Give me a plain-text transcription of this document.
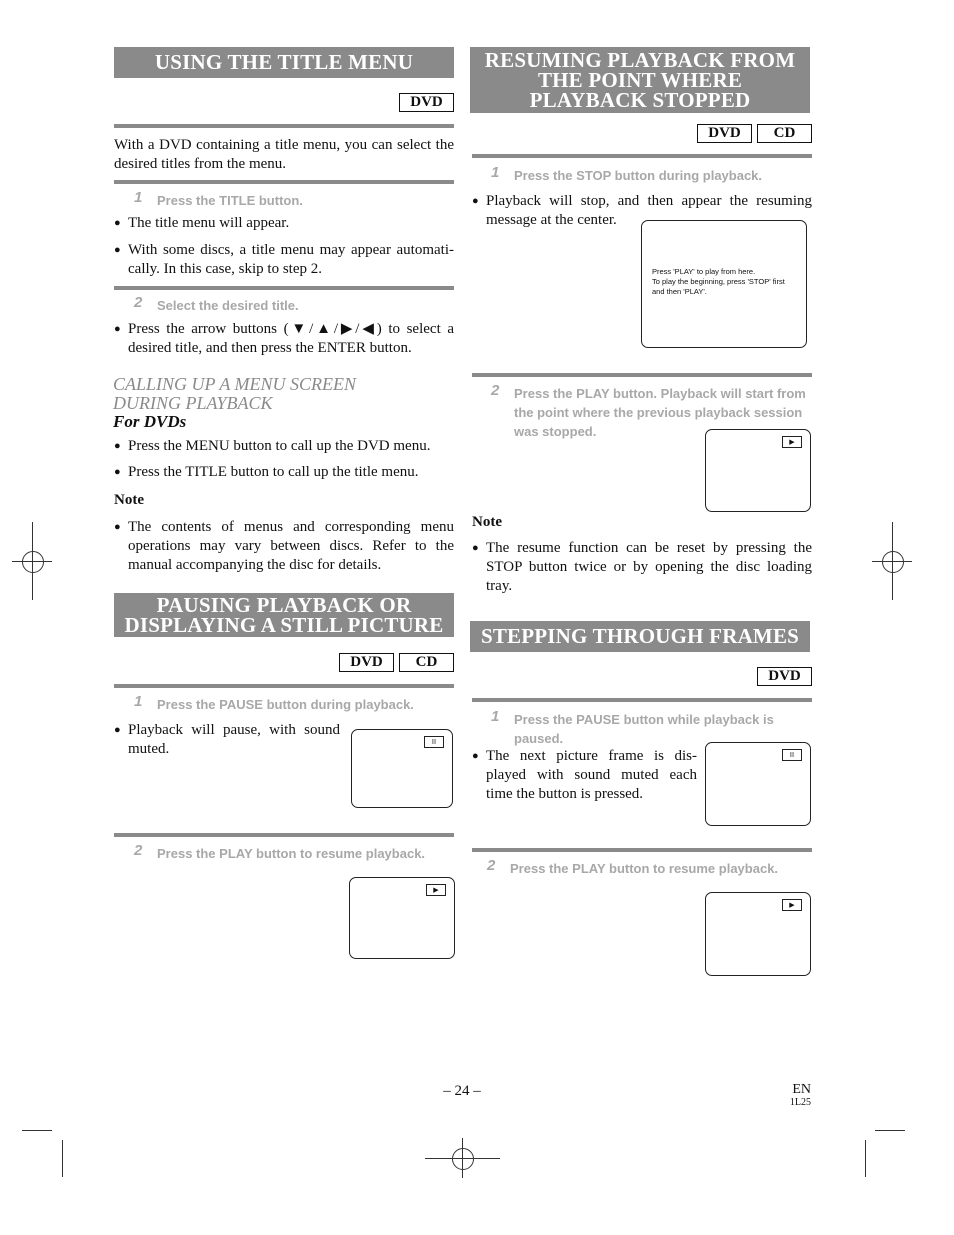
USING THE TITLE MENU
DVD
With a DVD containing a title menu, you can select the desired titles from the menu.
1 Press the TITLE button.
● The title menu will appear.
● With some discs, a title menu may appear automati-cally. In this case, skip to step 2.
2 Select the desired title.
● Press the arrow buttons (▼/▲/▶/◀) to select a desired title, and then press the ENTER button.
CALLING UP A MENU SCREEN
DURING PLAYBACK
For DVDs
● Press the MENU button to call up the DVD menu.
● Press the TITLE button to call up the title menu.
Note
● The contents of menus and corresponding menu operations may vary between discs. Refer to the manual accompanying the disc for details.
PAUSING PLAYBACK OR
DISPLAYING A STILL PICTURE
DVD	CD
1 Press the PAUSE button during playback.
● Playback will pause, with sound muted.	II
2 Press the PLAY button to resume playback.
▶
RESUMING PLAYBACK FROM
THE POINT WHERE
PLAYBACK STOPPED
DVD	CD
1 Press the STOP button during playback.
● Playback will stop, and then appear the resuming message at the center.
Press 'PLAY' to play from here.
To play the beginning, press 'STOP' first
and then 'PLAY'.
2 Press the PLAY button. Playback will start from the point where the previous playback session was stopped.
▶
Note
● The resume function can be reset by pressing the STOP button twice or by opening the disc loading tray.
STEPPING THROUGH FRAMES
DVD
1 Press the PAUSE button while playback is paused.
● The next picture frame is dis-played with sound muted each time the button is pressed.
II
2 Press the PLAY button to resume playback.
▶
– 24 –	EN
1L25
